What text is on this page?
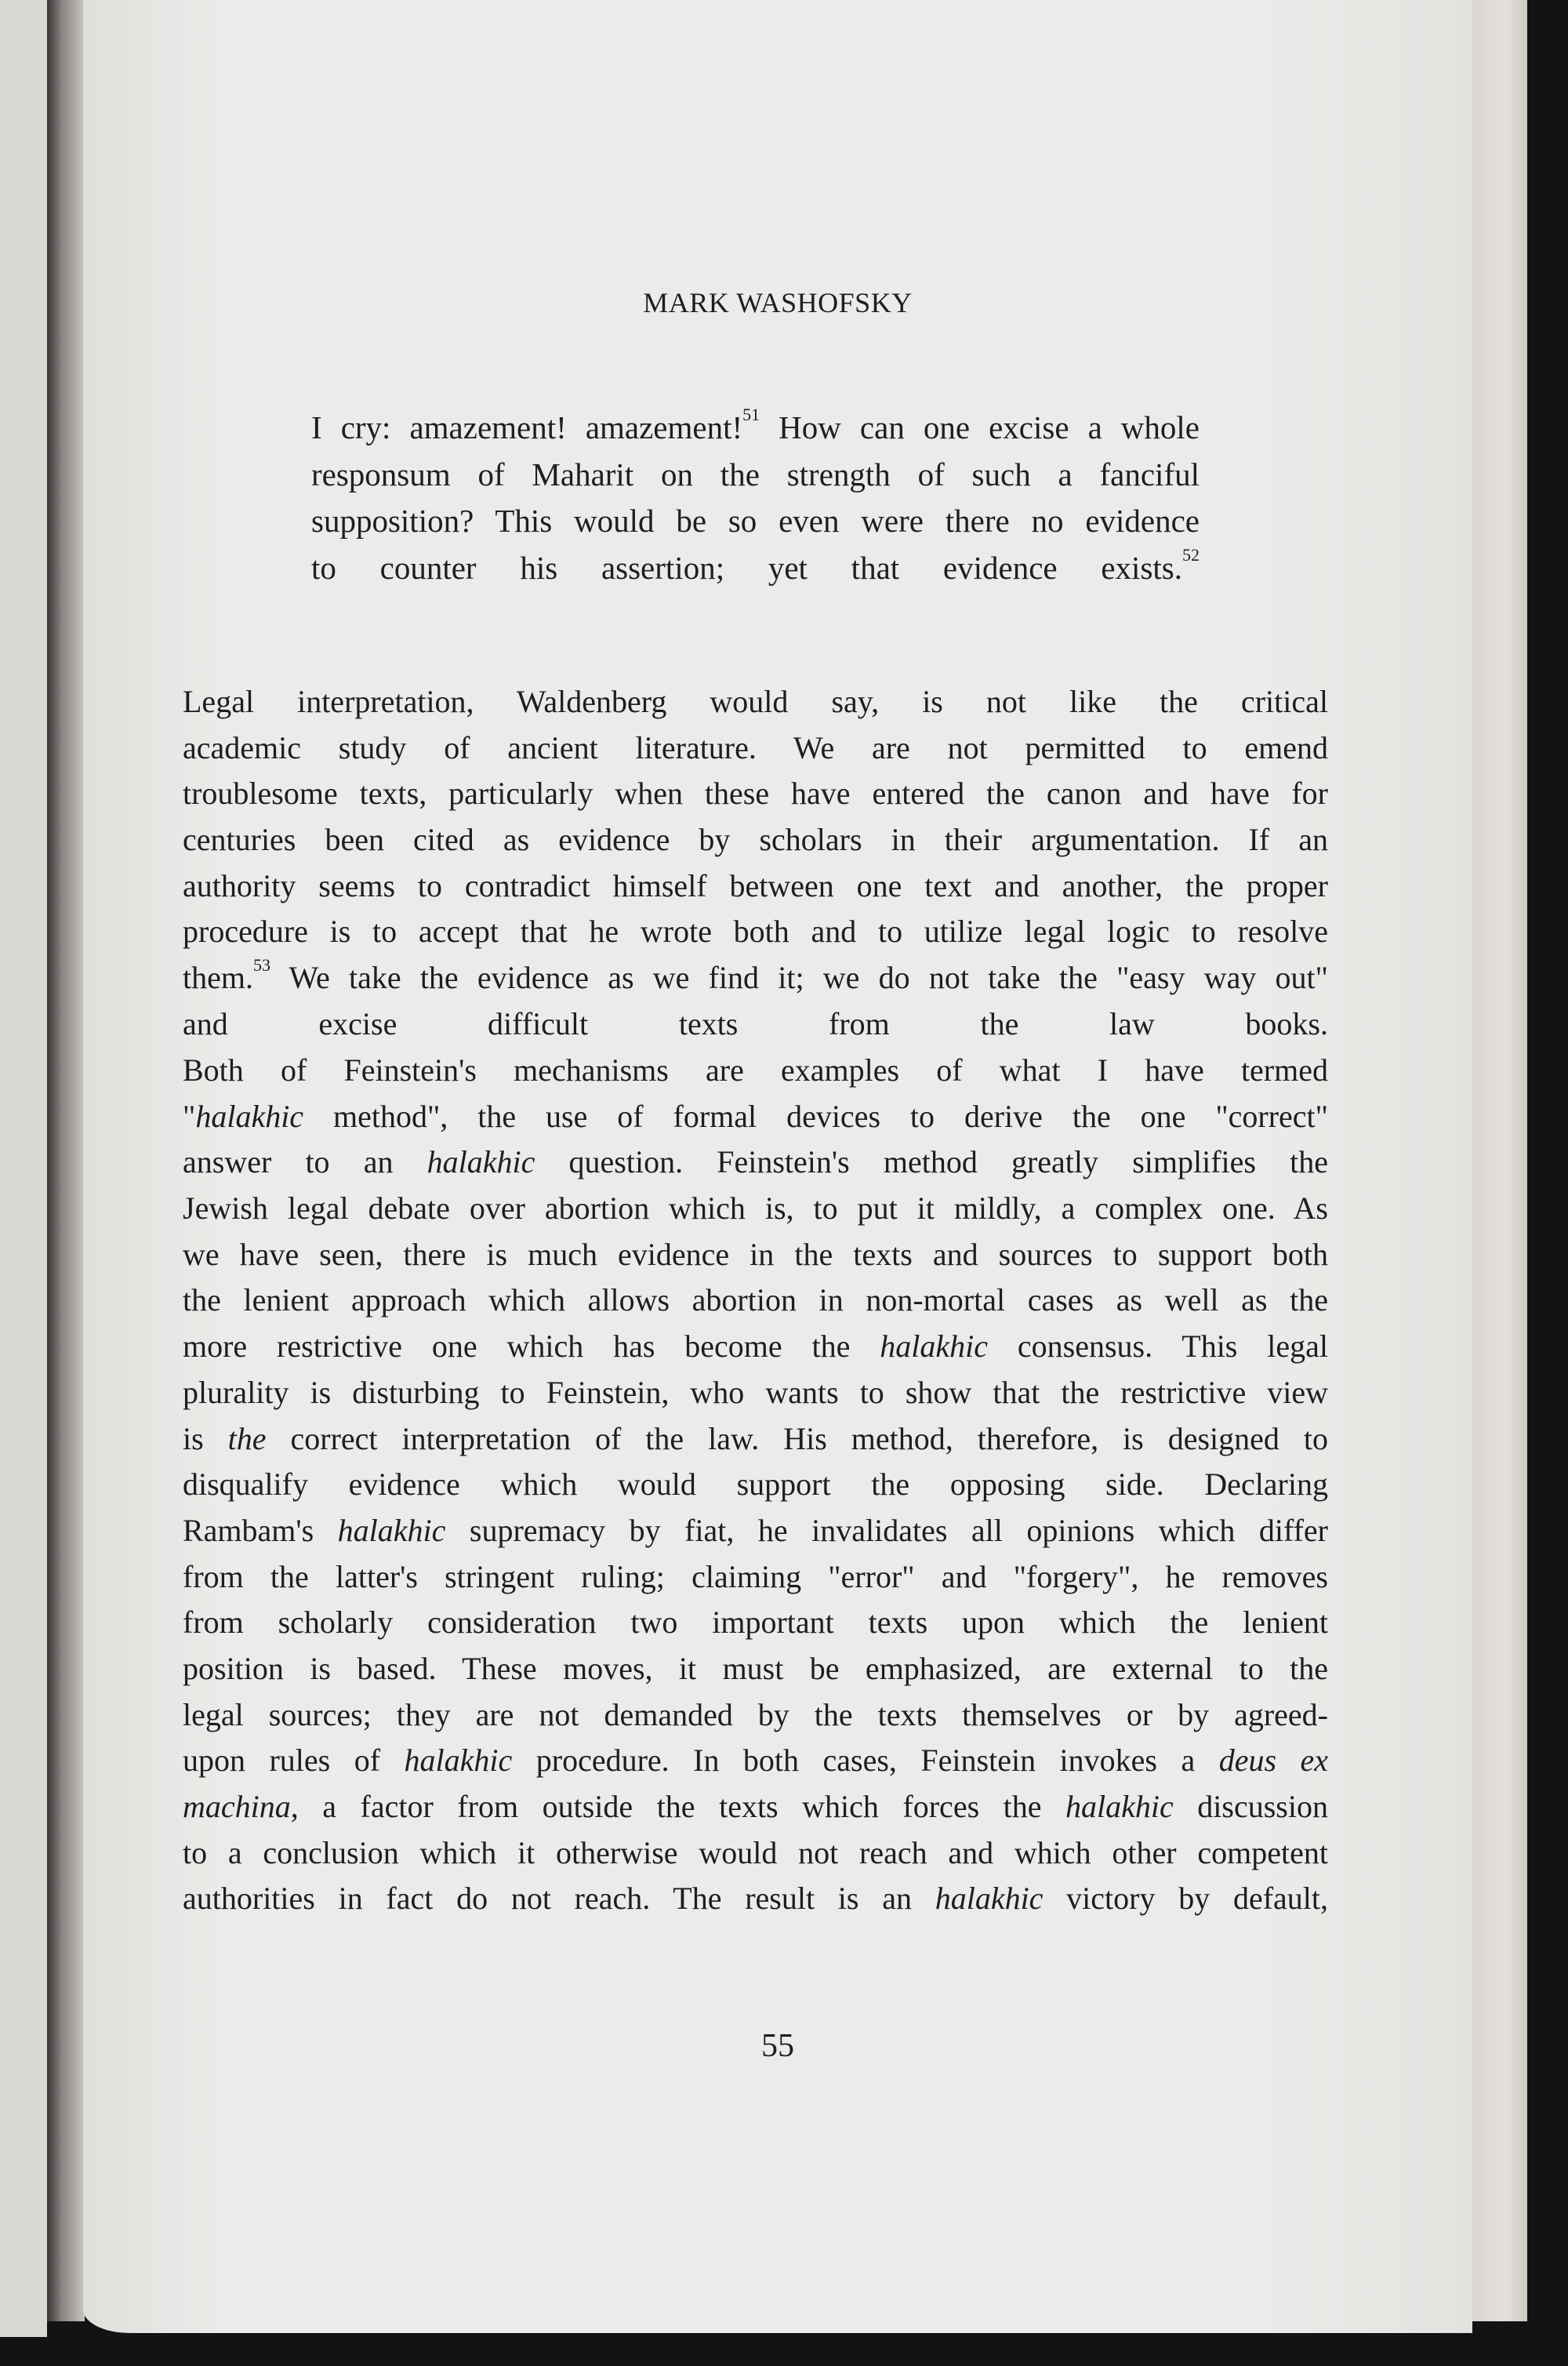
MARK WASHOFSKY
I cry: amazement! amazement!$^{51}$ How can one excise a whole
responsum of Maharit on the strength of such a fanciful
supposition? This would be so even were there no evidence
to counter his assertion; yet that evidence exists.$^{52}$
Legal interpretation, Waldenberg would say, is not like the critical
academic study of ancient literature. We are not permitted to emend
troublesome texts, particularly when these have entered the canon and have for
centuries been cited as evidence by scholars in their argumentation. If an
authority seems to contradict himself between one text and another, the proper
procedure is to accept that he wrote both and to utilize legal logic to resolve
them.$^{53}$ We take the evidence as we find it; we do not take the "easy way out"
and excise difficult texts from the law books.
Both of Feinstein's mechanisms are examples of what I have termed
"halakhic method", the use of formal devices to derive the one "correct"
answer to an halakhic question. Feinstein's method greatly simplifies the
Jewish legal debate over abortion which is, to put it mildly, a complex one. As
we have seen, there is much evidence in the texts and sources to support both
the lenient approach which allows abortion in non-mortal cases as well as the
more restrictive one which has become the halakhic consensus. This legal
plurality is disturbing to Feinstein, who wants to show that the restrictive view
is the correct interpretation of the law. His method, therefore, is designed to
disqualify evidence which would support the opposing side. Declaring
Rambam's halakhic supremacy by fiat, he invalidates all opinions which differ
from the latter's stringent ruling; claiming "error" and "forgery", he removes
from scholarly consideration two important texts upon which the lenient
position is based. These moves, it must be emphasized, are external to the
legal sources; they are not demanded by the texts themselves or by agreed-
upon rules of halakhic procedure. In both cases, Feinstein invokes a deus ex
machina, a factor from outside the texts which forces the halakhic discussion
to a conclusion which it otherwise would not reach and which other competent
authorities in fact do not reach. The result is an halakhic victory by default,
55
